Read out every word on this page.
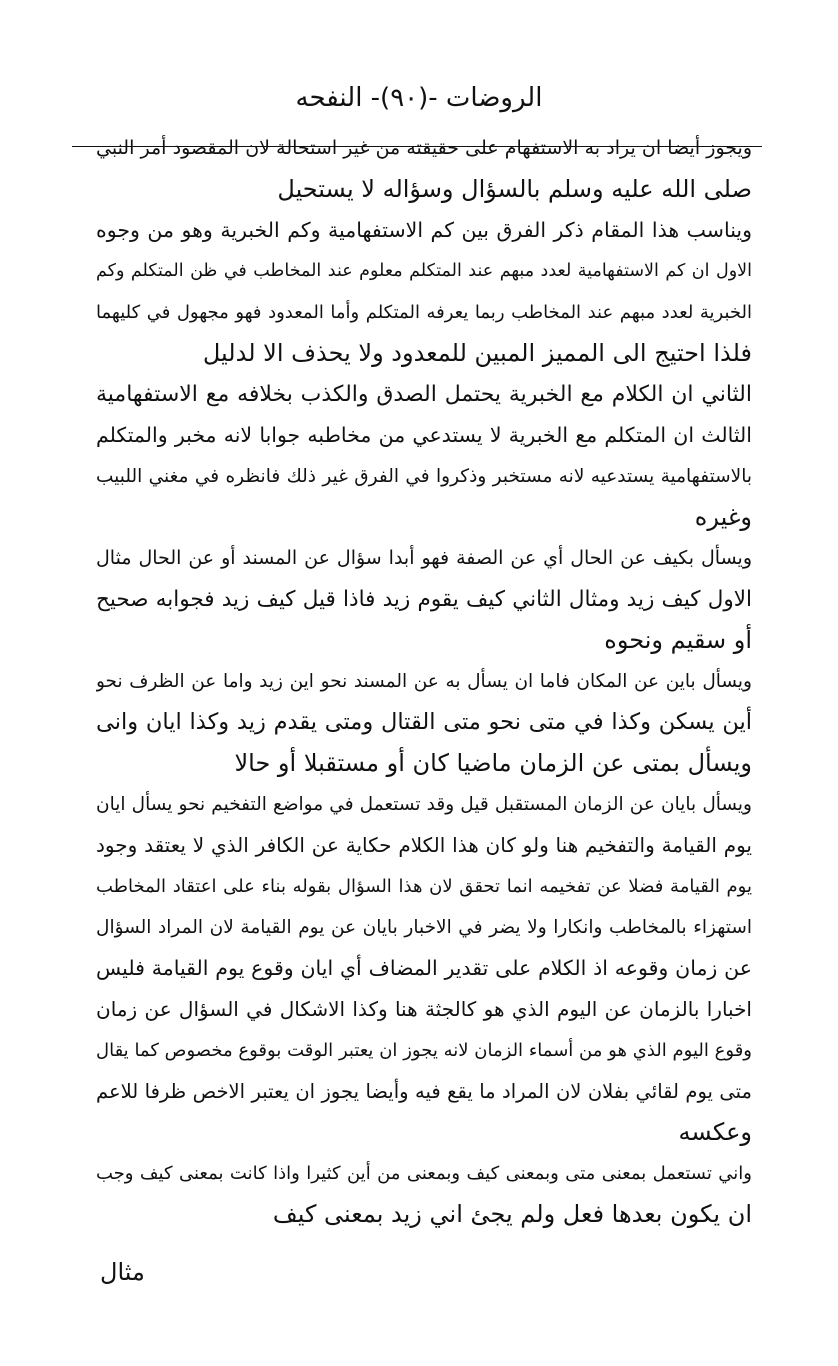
الروضات -(٩٠)- النفحه
ويجوز أيضا ان يراد به الاستفهام على حقيقته من غير استحالة لان المقصود أمر النبي
صلى الله عليه وسلم بالسؤال وسؤاله لا يستحيل
ويناسب هذا المقام ذكر الفرق بين كم الاستفهامية وكم الخبرية وهو من وجوه
الاول ان كم الاستفهامية لعدد مبهم عند المتكلم معلوم عند المخاطب في ظن المتكلم وكم
الخبرية لعدد مبهم عند المخاطب ربما يعرفه المتكلم وأما المعدود فهو مجهول في كليهما
فلذا احتيج الى المميز المبين للمعدود ولا يحذف الا لدليل
الثاني ان الكلام مع الخبرية يحتمل الصدق والكذب بخلافه مع الاستفهامية
الثالث ان المتكلم مع الخبرية لا يستدعي من مخاطبه جوابا لانه مخبر والمتكلم
بالاستفهامية يستدعيه لانه مستخبر وذكروا في الفرق غير ذلك فانظره في مغني اللبيب
وغيره
ويسأل بكيف عن الحال أي عن الصفة فهو أبدا سؤال عن المسند أو عن الحال مثال
الاول كيف زيد ومثال الثاني كيف يقوم زيد فاذا قيل كيف زيد فجوابه صحيح
أو سقيم ونحوه
ويسأل باين عن المكان فاما ان يسأل به عن المسند نحو اين زيد واما عن الظرف نحو
أين يسكن وكذا في متى نحو متى القتال ومتى يقدم زيد وكذا ايان وانى
ويسأل بمتى عن الزمان ماضيا كان أو مستقبلا أو حالا
ويسأل بايان عن الزمان المستقبل قيل وقد تستعمل في مواضع التفخيم نحو يسأل ايان
يوم القيامة والتفخيم هنا ولو كان هذا الكلام حكاية عن الكافر الذي لا يعتقد وجود
يوم القيامة فضلا عن تفخيمه انما تحقق لان هذا السؤال بقوله بناء على اعتقاد المخاطب
استهزاء بالمخاطب وانكارا ولا يضر في الاخبار بايان عن يوم القيامة لان المراد السؤال
عن زمان وقوعه اذ الكلام على تقدير المضاف أي ايان وقوع يوم القيامة فليس
اخبارا بالزمان عن اليوم الذي هو كالجثة هنا وكذا الاشكال في السؤال عن زمان
وقوع اليوم الذي هو من أسماء الزمان لانه يجوز ان يعتبر الوقت بوقوع مخصوص كما يقال
متى يوم لقائي بفلان لان المراد ما يقع فيه وأيضا يجوز ان يعتبر الاخص ظرفا للاعم
وعكسه
واني تستعمل بمعنى متى وبمعنى كيف وبمعنى من أين كثيرا واذا كانت بمعنى كيف وجب
ان يكون بعدها فعل ولم يجئ اني زيد بمعنى كيف
مثال
